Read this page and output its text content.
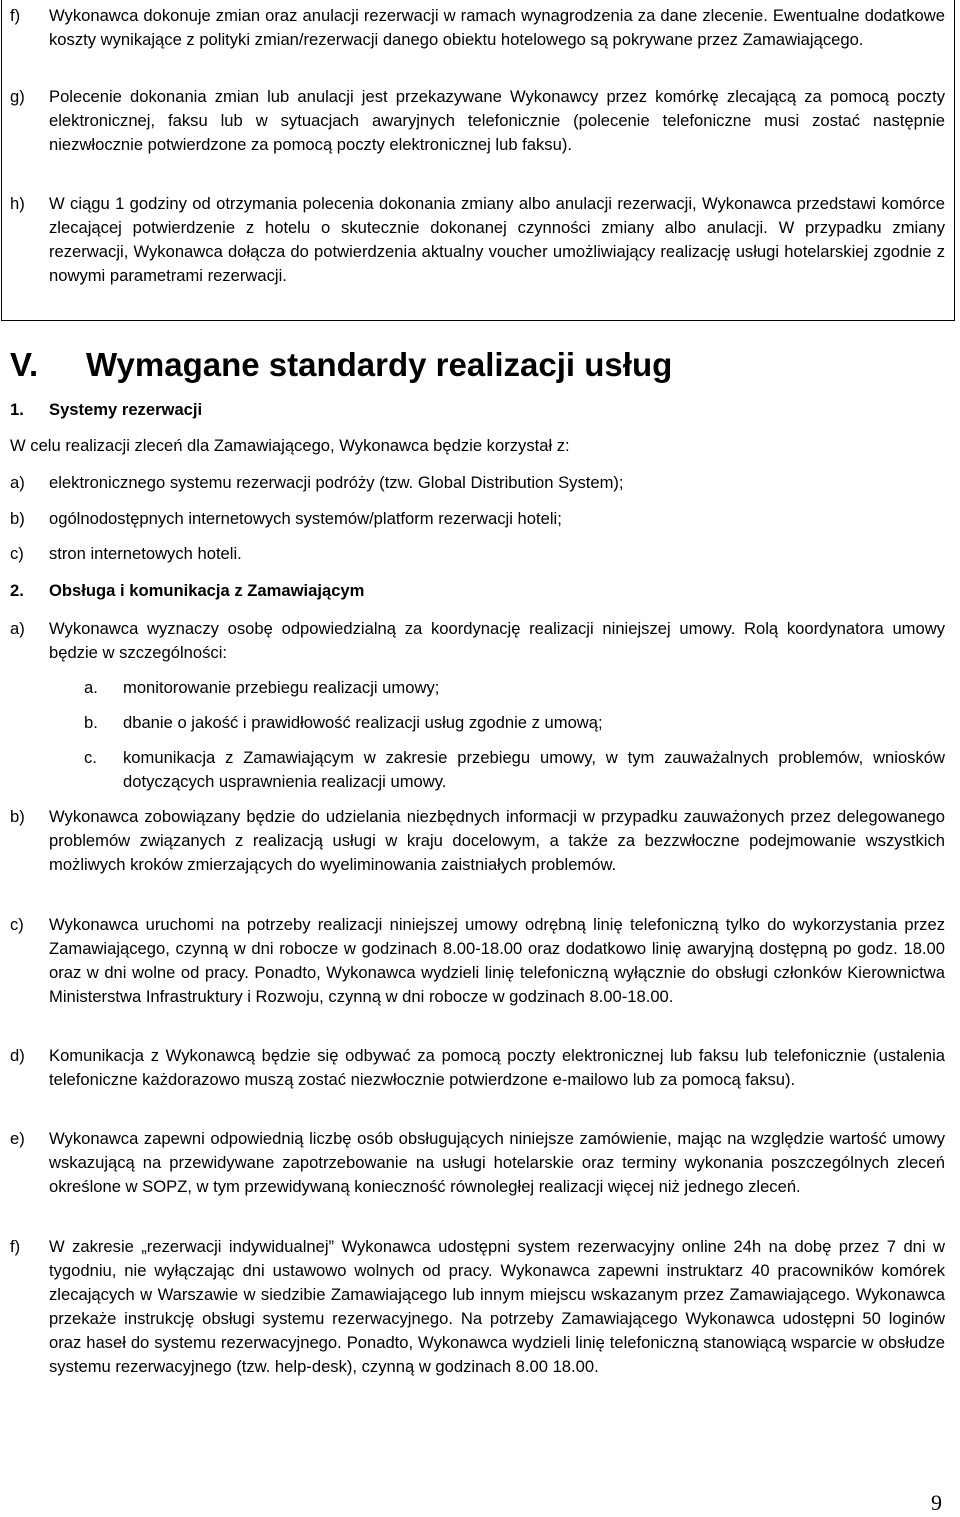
f) Wykonawca dokonuje zmian oraz anulacji rezerwacji w ramach wynagrodzenia za dane zlecenie. Ewentualne dodatkowe koszty wynikające z polityki zmian/rezerwacji danego obiektu hotelowego są pokrywane przez Zamawiającego.
g) Polecenie dokonania zmian lub anulacji jest przekazywane Wykonawcy przez komórkę zlecającą za pomocą poczty elektronicznej, faksu lub w sytuacjach awaryjnych telefonicznie (polecenie telefoniczne musi zostać następnie niezwłocznie potwierdzone za pomocą poczty elektronicznej lub faksu).
h) W ciągu 1 godziny od otrzymania polecenia dokonania zmiany albo anulacji rezerwacji, Wykonawca przedstawi komórce zlecającej potwierdzenie z hotelu o skutecznie dokonanej czynności zmiany albo anulacji. W przypadku zmiany rezerwacji, Wykonawca dołącza do potwierdzenia aktualny voucher umożliwiający realizację usługi hotelarskiej zgodnie z nowymi parametrami rezerwacji.
V. Wymagane standardy realizacji usług
1. Systemy rezerwacji
W celu realizacji zleceń dla Zamawiającego, Wykonawca będzie korzystał z:
a) elektronicznego systemu rezerwacji podróży (tzw. Global Distribution System);
b) ogólnodostępnych internetowych systemów/platform rezerwacji hoteli;
c) stron internetowych hoteli.
2. Obsługa i komunikacja z Zamawiającym
a) Wykonawca wyznaczy osobę odpowiedzialną za koordynację realizacji niniejszej umowy. Rolą koordynatora umowy będzie w szczególności:
a. monitorowanie przebiegu realizacji umowy;
b. dbanie o jakość i prawidłowość realizacji usług zgodnie z umową;
c. komunikacja z Zamawiającym w zakresie przebiegu umowy, w tym zauważalnych problemów, wniosków dotyczących usprawnienia realizacji umowy.
b) Wykonawca zobowiązany będzie do udzielania niezbędnych informacji w przypadku zauważonych przez delegowanego problemów związanych z realizacją usługi w kraju docelowym, a także za bezzwłoczne podejmowanie wszystkich możliwych kroków zmierzających do wyeliminowania zaistniałych problemów.
c) Wykonawca uruchomi na potrzeby realizacji niniejszej umowy odrębną linię telefoniczną tylko do wykorzystania przez Zamawiającego, czynną w dni robocze w godzinach 8.00-18.00 oraz dodatkowo linię awaryjną dostępną po godz. 18.00 oraz w dni wolne od pracy. Ponadto, Wykonawca wydzieli linię telefoniczną wyłącznie do obsługi członków Kierownictwa Ministerstwa Infrastruktury i Rozwoju, czynną w dni robocze w godzinach 8.00-18.00.
d) Komunikacja z Wykonawcą będzie się odbywać za pomocą poczty elektronicznej lub faksu lub telefonicznie (ustalenia telefoniczne każdorazowo muszą zostać niezwłocznie potwierdzone e-mailowo lub za pomocą faksu).
e) Wykonawca zapewni odpowiednią liczbę osób obsługujących niniejsze zamówienie, mając na względzie wartość umowy wskazującą na przewidywane zapotrzebowanie na usługi hotelarskie oraz terminy wykonania poszczególnych zleceń określone w SOPZ, w tym przewidywaną konieczność równoległej realizacji więcej niż jednego zleceń.
f) W zakresie „rezerwacji indywidualnej” Wykonawca udostępni system rezerwacyjny online 24h na dobę przez 7 dni w tygodniu, nie wyłączając dni ustawowo wolnych od pracy. Wykonawca zapewni instruktarz 40 pracowników komórek zlecających w Warszawie w siedzibie Zamawiającego lub innym miejscu wskazanym przez Zamawiającego. Wykonawca przekaże instrukcję obsługi systemu rezerwacyjnego. Na potrzeby Zamawiającego Wykonawca udostępni 50 loginów oraz haseł do systemu rezerwacyjnego. Ponadto, Wykonawca wydzieli linię telefoniczną stanowiącą wsparcie w obsłudze systemu rezerwacyjnego (tzw. help-desk), czynną w godzinach 8.00 18.00.
9
